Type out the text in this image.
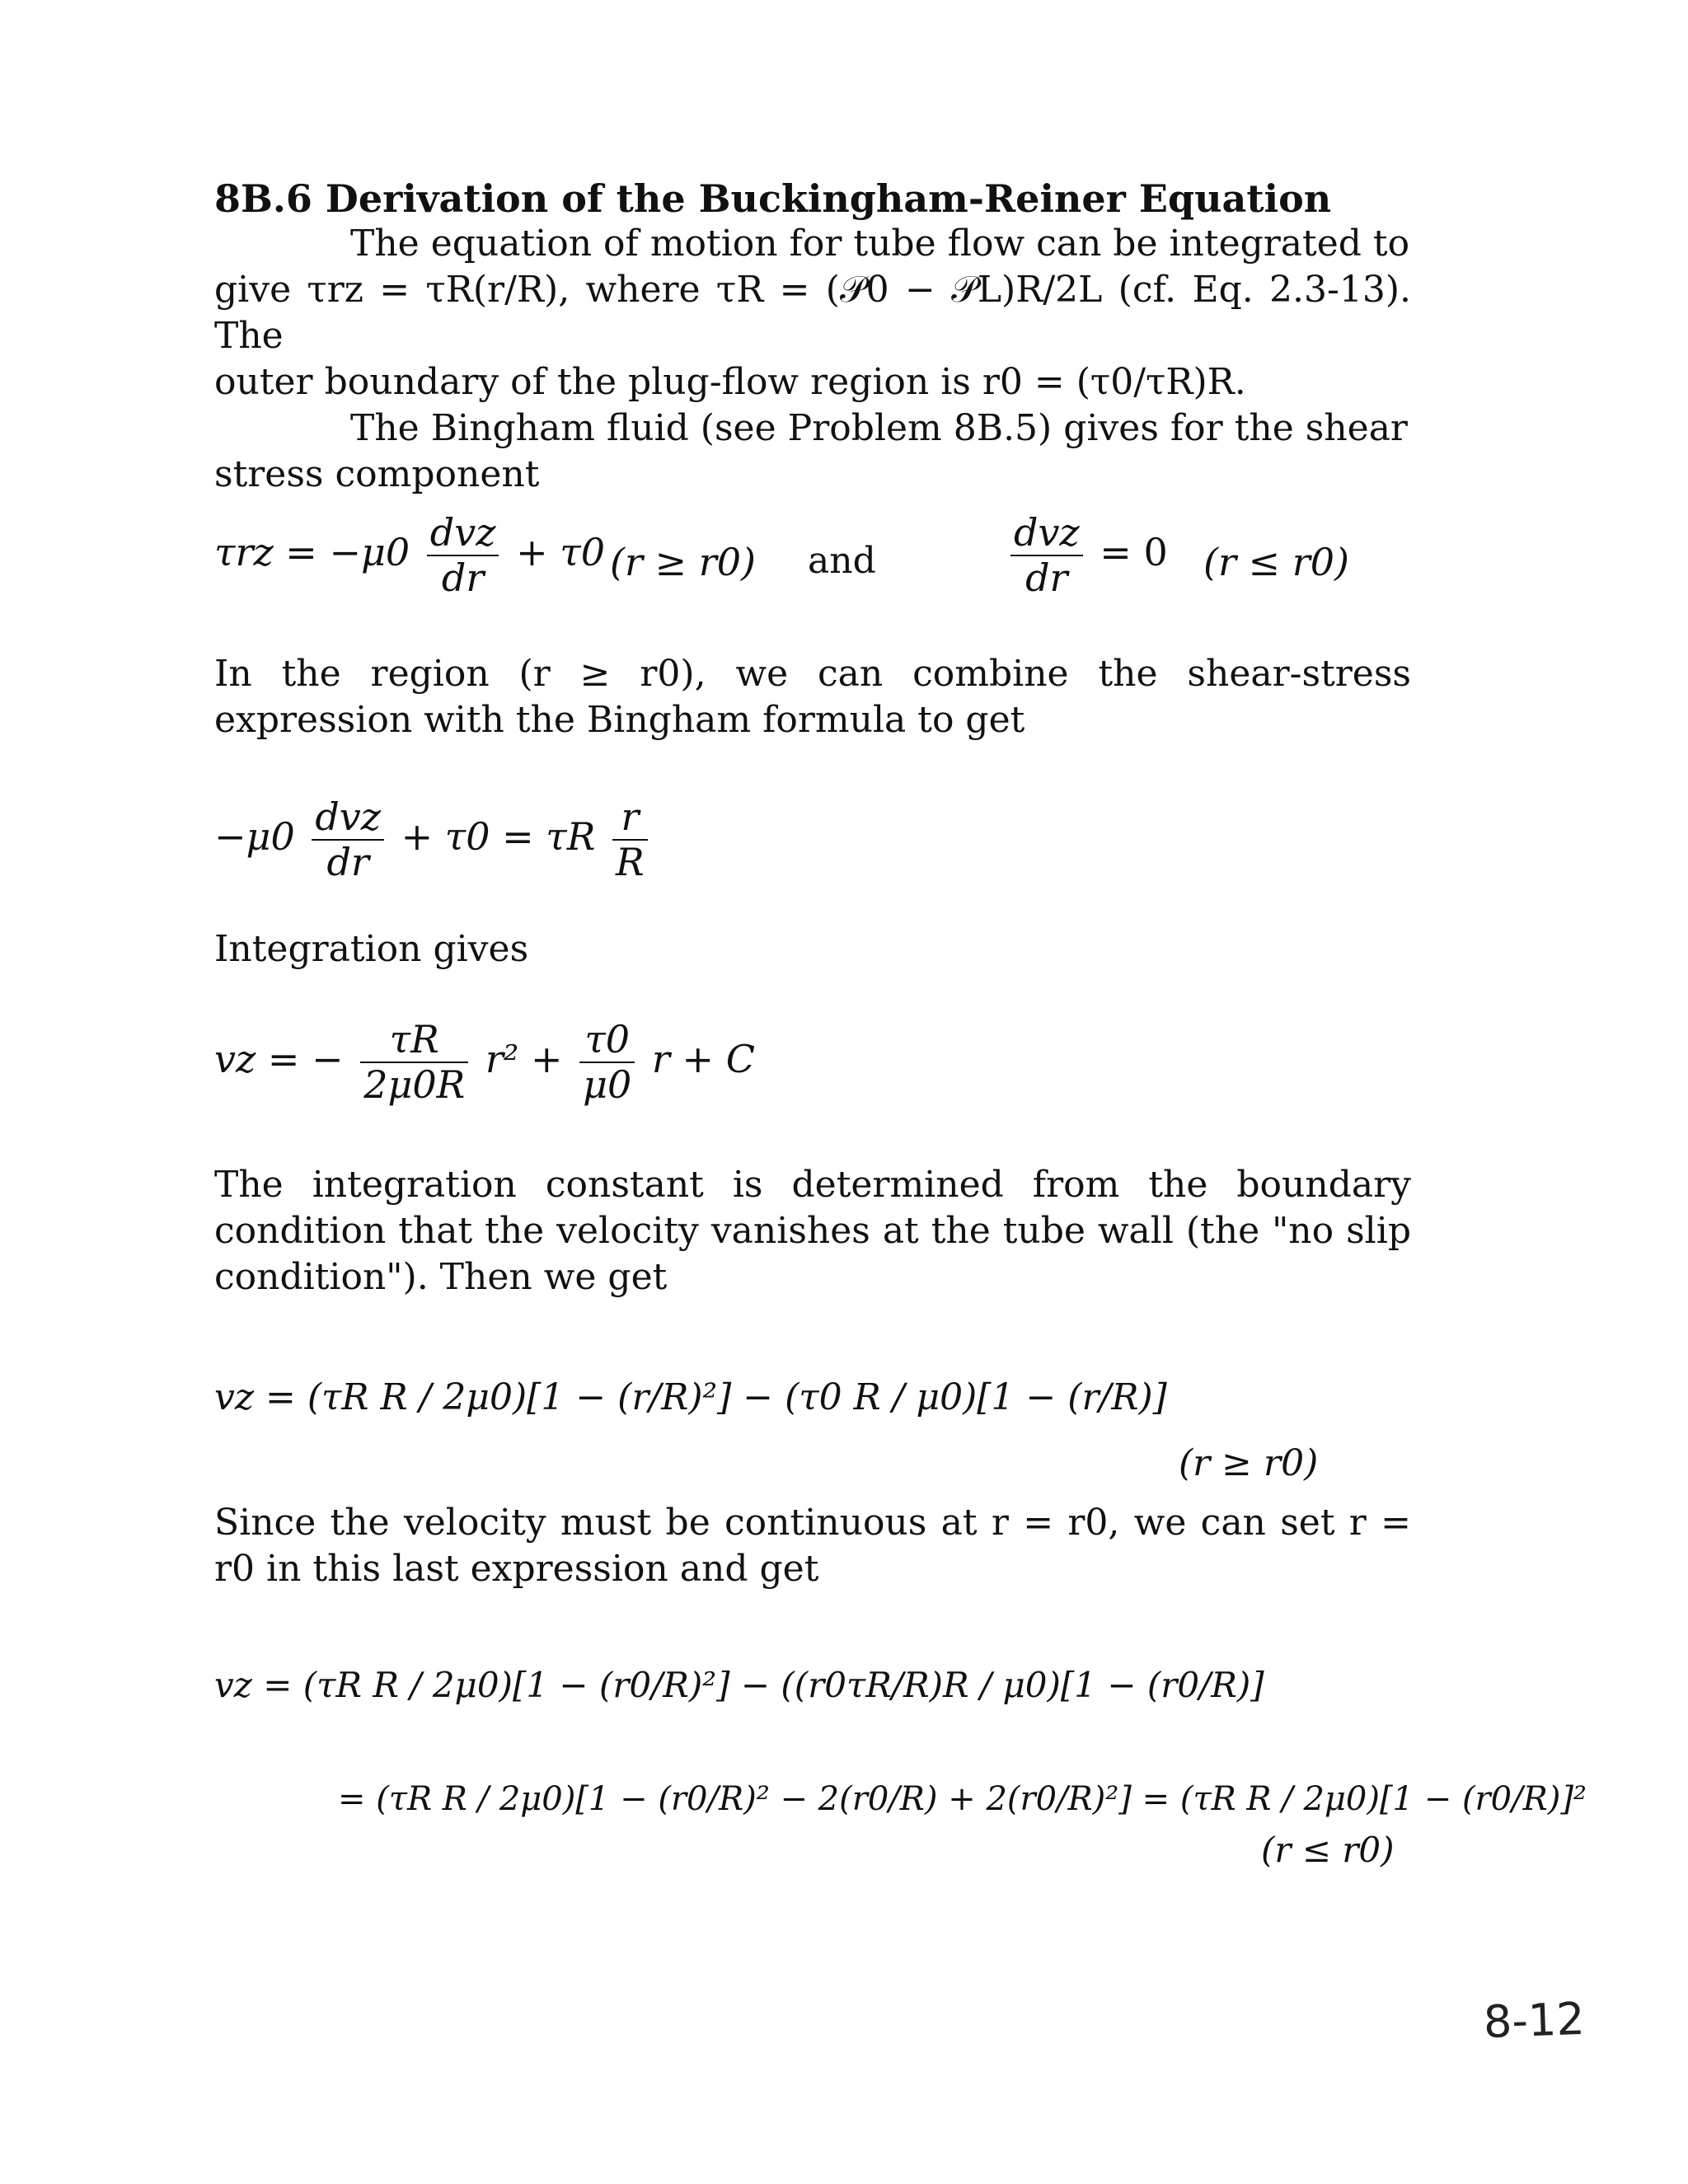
8B.6 Derivation of the Buckingham-Reiner Equation

The equation of motion for tube flow can be integrated to

give τrz = τR(r/R), where τR = (𝒫0 − 𝒫L)R/2L (cf. Eq. 2.3-13). The

outer boundary of the plug-flow region is r0 = (τ0/τR)R.

The Bingham fluid (see Problem 8B.5) gives for the shear

stress component

$\tau rz = -\mu 0 \frac{\text{dvz}}{dr} + \tau 0$ (r ≥ r0) and	$\frac{\text{dvz}}{dr} = 0$ (r ≤ r0)
In the region (r ≥ r0), we can combine the shear-stress expression with the Bingham formula to get
$-\mu 0 \frac{\text{dvz}}{dr} + \tau 0 = \tau R \frac{r}{R}$
Integration gives
vz = − $\frac{\tau R}{2\mu 0R} r^2 + \frac{\tau 0}{\mu 0}$ r + C
The integration constant is determined from the boundary condition that the velocity vanishes at the tube wall (the "no slip condition"). Then we get
vz = (τR R / 2μ0)[1 − (r/R)²] − (τ0 R / μ0)[1 − (r/R)]
(r ≥ r0)
Since the velocity must be continuous at r = r0, we can set r = r0 in this last expression and get
vz = (τR R / 2μ0)[1 − (r0/R)²] − ((r0τR/R)R / μ0)[1 − (r0/R)]
= (τR R / 2μ0)[1 − (r0/R)² − 2(r0/R) + 2(r0/R)²] = (τR R / 2μ0)[1 − (r0/R)]²
(r ≤ r0)
8-12
